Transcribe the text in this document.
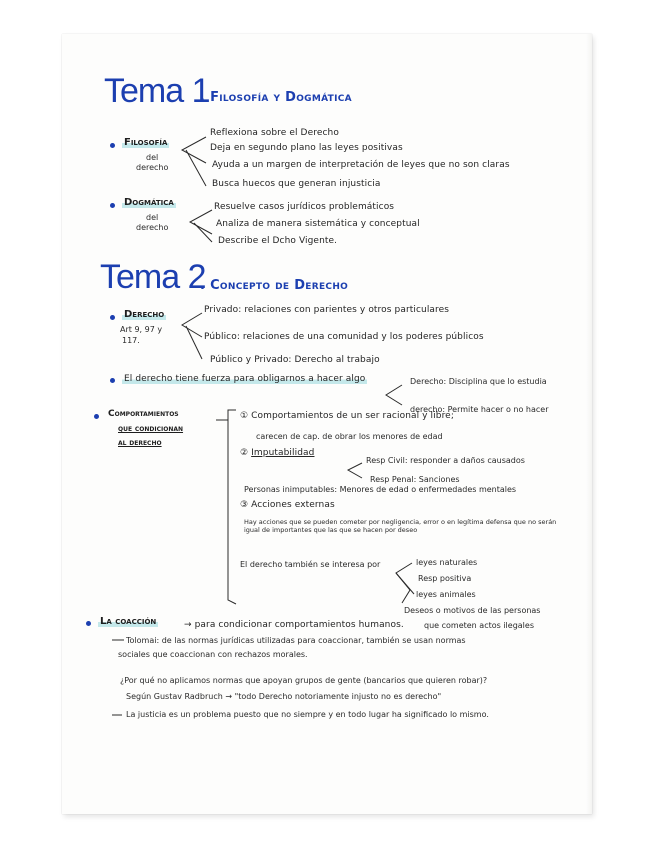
Tema 1
. Filosofía y Dogmática
Filosofía
del
derecho
Reflexiona sobre el Derecho
Deja en segundo plano las leyes positivas
Ayuda a un margen de interpretación de leyes que no son claras
Busca huecos que generan injusticia
Dogmática
del
derecho
Resuelve casos jurídicos problemáticos
Analiza de manera sistemática y conceptual
Describe el Dcho Vigente.
Tema 2
. Concepto de Derecho
Derecho
Art 9, 97 y
117.
Privado: relaciones con parientes y otros particulares
Público: relaciones de una comunidad y los poderes públicos
Público y Privado: Derecho al trabajo
El derecho tiene fuerza para obligarnos a hacer algo	Derecho: Disciplina que lo estudia
derecho: Permite hacer o no hacer
Comportamientos
que condicionan
al derecho
① Comportamientos de un ser racional y libre;
carecen de cap. de obrar los menores de edad
② Imputabilidad
Resp Civil: responder a daños causados
Resp Penal: Sanciones
Personas inimputables: Menores de edad o enfermedades mentales
③ Acciones externas
Hay acciones que se pueden cometer por negligencia, error o en legítima defensa que no serán igual de importantes que las que se hacen por deseo
El derecho también se interesa por	leyes naturales
Resp positiva
leyes animales
Deseos o motivos de las personas
que cometen actos ilegales
La coacción	→ para condicionar comportamientos humanos.
Tolomai: de las normas jurídicas utilizadas para coaccionar, también se usan normas
sociales que coaccionan con rechazos morales.
¿Por qué no aplicamos normas que apoyan grupos de gente (bancarios que quieren robar)?
Según Gustav Radbruch → "todo Derecho notoriamente injusto no es derecho"
La justicia es un problema puesto que no siempre y en todo lugar ha significado lo mismo.
